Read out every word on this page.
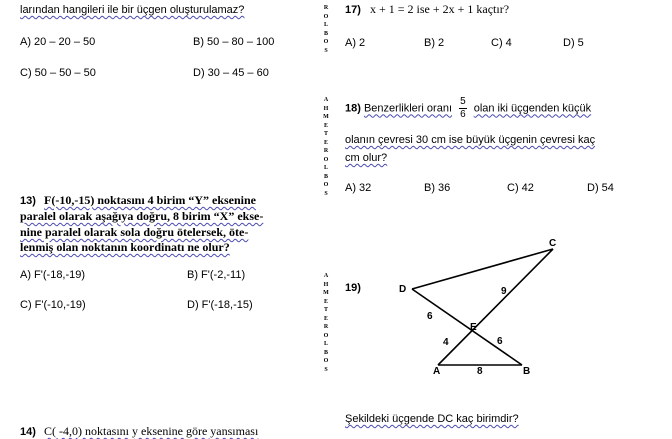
larından hangileri ile bir üçgen oluşturulamaz?
A) 20 – 20 – 50	B) 50 – 80 – 100
C) 50 – 50 – 50	D) 30 – 45 – 60
13) F(-10,-15) noktasını 4 birim “Y” eksenine
paralel olarak aşağıya doğru, 8 birim “X” ekse-
nine paralel olarak sola doğru ötelersek, öte-
lenmiş olan noktanın koordinatı ne olur?
A) F'(-18,-19)	B) F'(-2,-11)
C) F'(-10,-19)	D) F'(-18,-15)
14) C( -4,0) noktasını y eksenine göre yansıması
R
O
L
B
O
S
A
H
M
E
T
E
R
O
L
B
O
S
A
H
M
E
T
E
R
O
L
B
O
S
17) x + 1 = 2 ise + 2x + 1 kaçtır?
A) 2	B) 2	C) 4	D) 5
18) Benzerlikleri oranı $\frac{5}{6}$ olan iki üçgenden küçük
olanın çevresi 30 cm ise büyük üçgenin çevresi kaç
cm olur?
A) 32	B) 36	C) 42	D) 54
19)
C
D
E
A	B
9
6
4	6
8
Şekildeki üçgende DC kaç birimdir?
